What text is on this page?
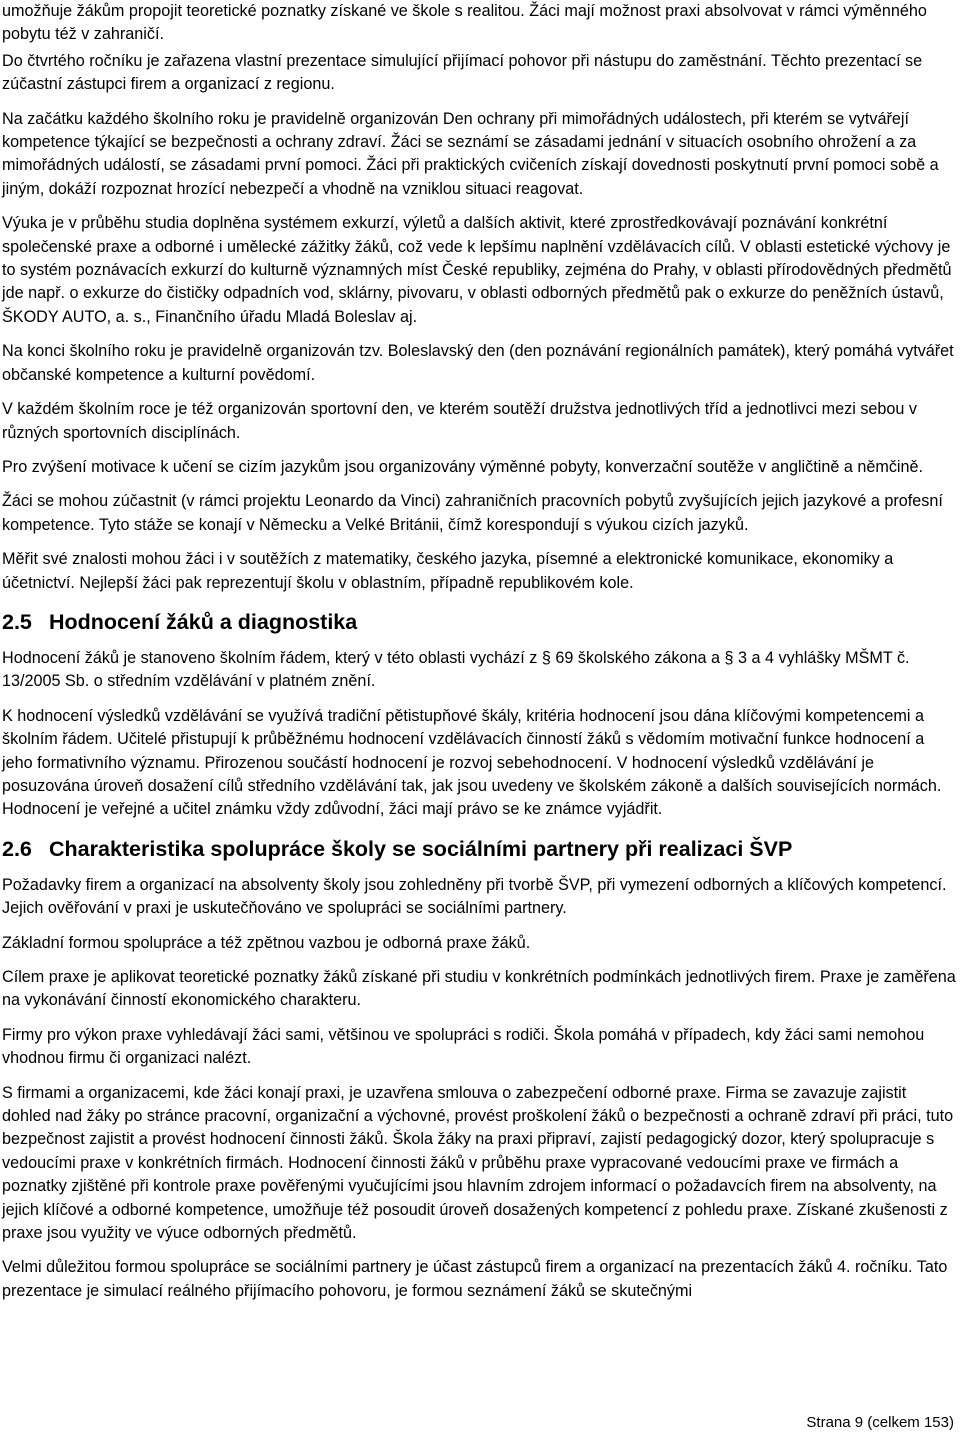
umožňuje žákům propojit teoretické poznatky získané ve škole s realitou. Žáci mají možnost praxi absolvovat v rámci výměnného pobytu též v zahraničí.

Do čtvrtého ročníku je zařazena vlastní prezentace simulující přijímací pohovor při nástupu do zaměstnání. Těchto prezentací se zúčastní zástupci firem a organizací z regionu.

Na začátku každého školního roku je pravidelně organizován Den ochrany při mimořádných událostech, při kterém se vytvářejí kompetence týkající se bezpečnosti a ochrany zdraví. Žáci se seznámí se zásadami jednání v situacích osobního ohrožení a za mimořádných událostí, se zásadami první pomoci. Žáci při praktických cvičeních získají dovednosti poskytnutí první pomoci sobě a jiným, dokáží rozpoznat hrozící nebezpečí a vhodně na vzniklou situaci reagovat.

Výuka je v průběhu studia doplněna systémem exkurzí, výletů a dalších aktivit, které zprostředkovávají poznávání konkrétní společenské praxe a odborné i umělecké zážitky žáků, což vede k lepšímu naplnění vzdělávacích cílů. V oblasti estetické výchovy je to systém poznávacích exkurzí do kulturně významných míst České republiky, zejména do Prahy, v oblasti přírodovědných předmětů jde např. o exkurze do čističky odpadních vod, sklárny, pivovaru, v oblasti odborných předmětů pak o exkurze do peněžních ústavů, ŠKODY AUTO, a. s., Finančního úřadu Mladá Boleslav aj.

Na konci školního roku je pravidelně organizován tzv. Boleslavský den (den poznávání regionálních památek), který pomáhá vytvářet občanské kompetence a kulturní povědomí.

V každém školním roce je též organizován sportovní den, ve kterém soutěží družstva jednotlivých tříd a jednotlivci mezi sebou v různých sportovních disciplínách.

Pro zvýšení motivace k učení se cizím jazykům jsou organizovány výměnné pobyty, konverzační soutěže v angličtině a němčině.

Žáci se mohou zúčastnit (v rámci projektu Leonardo da Vinci) zahraničních pracovních pobytů zvyšujících jejich jazykové a profesní kompetence. Tyto stáže se konají v Německu a Velké Británii, čímž korespondují s výukou cizích jazyků.

Měřit své znalosti mohou žáci i v soutěžích z matematiky, českého jazyka, písemné a elektronické komunikace, ekonomiky a účetnictví. Nejlepší žáci pak reprezentují školu v oblastním, případně republikovém kole.

2.5 Hodnocení žáků a diagnostika

Hodnocení žáků je stanoveno školním řádem, který v této oblasti vychází z § 69 školského zákona a § 3 a 4 vyhlášky MŠMT č. 13/2005 Sb. o středním vzdělávání v platném znění.

K hodnocení výsledků vzdělávání se využívá tradiční pětistupňové škály, kritéria hodnocení jsou dána klíčovými kompetencemi a školním řádem. Učitelé přistupují k průběžnému hodnocení vzdělávacích činností žáků s vědomím motivační funkce hodnocení a jeho formativního významu. Přirozenou součástí hodnocení je rozvoj sebehodnocení. V hodnocení výsledků vzdělávání je posuzována úroveň dosažení cílů středního vzdělávání tak, jak jsou uvedeny ve školském zákoně a dalších souvisejících normách. Hodnocení je veřejné a učitel známku vždy zdůvodní, žáci mají právo se ke známce vyjádřit.

2.6 Charakteristika spolupráce školy se sociálními partnery při realizaci ŠVP

Požadavky firem a organizací na absolventy školy jsou zohledněny při tvorbě ŠVP, při vymezení odborných a klíčových kompetencí. Jejich ověřování v praxi je uskutečňováno ve spolupráci se sociálními partnery.

Základní formou spolupráce a též zpětnou vazbou je odborná praxe žáků.

Cílem praxe je aplikovat teoretické poznatky žáků získané při studiu v konkrétních podmínkách jednotlivých firem. Praxe je zaměřena na vykonávání činností ekonomického charakteru.

Firmy pro výkon praxe vyhledávají žáci sami, většinou ve spolupráci s rodiči. Škola pomáhá v případech, kdy žáci sami nemohou vhodnou firmu či organizaci nalézt.

S firmami a organizacemi, kde žáci konají praxi, je uzavřena smlouva o zabezpečení odborné praxe. Firma se zavazuje zajistit dohled nad žáky po stránce pracovní, organizační a výchovné, provést proškolení žáků o bezpečnosti a ochraně zdraví při práci, tuto bezpečnost zajistit a provést hodnocení činnosti žáků. Škola žáky na praxi připraví, zajistí pedagogický dozor, který spolupracuje s vedoucími praxe v konkrétních firmách. Hodnocení činnosti žáků v průběhu praxe vypracované vedoucími praxe ve firmách a poznatky zjištěné při kontrole praxe pověřenými vyučujícími jsou hlavním zdrojem informací o požadavcích firem na absolventy, na jejich klíčové a odborné kompetence, umožňuje též posoudit úroveň dosažených kompetencí z pohledu praxe. Získané zkušenosti z praxe jsou využity ve výuce odborných předmětů.

Velmi důležitou formou spolupráce se sociálními partnery je účast zástupců firem a organizací na prezentacích žáků 4. ročníku. Tato prezentace je simulací reálného přijímacího pohovoru, je formou seznámení žáků se skutečnými

Strana 9 (celkem 153)
